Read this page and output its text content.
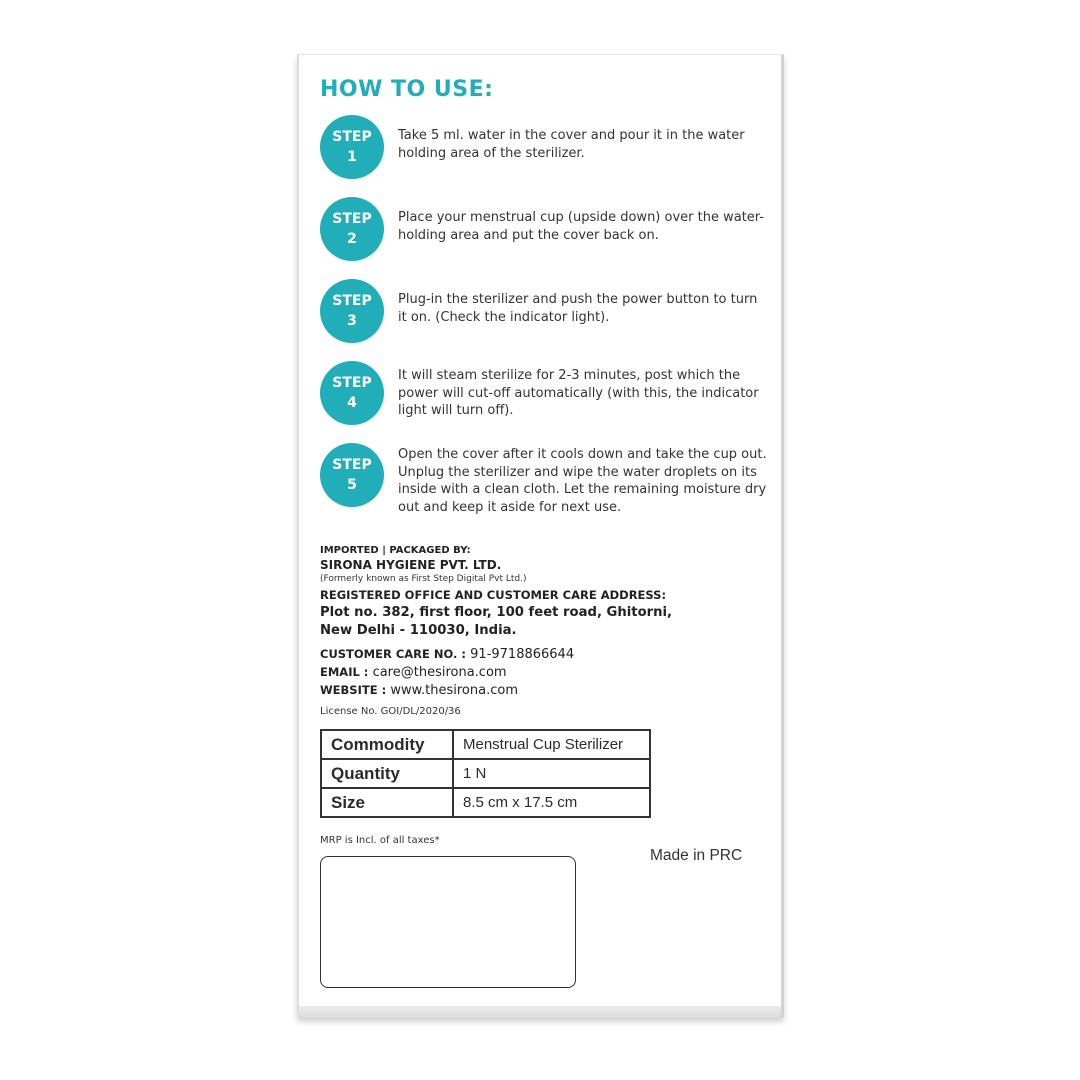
HOW TO USE:
STEP
1
Take 5 ml. water in the cover and pour it in the water holding area of the sterilizer.
STEP
2
Place your menstrual cup (upside down) over the water-holding area and put the cover back on.
STEP
3
Plug-in the sterilizer and push the power button to turn it on. (Check the indicator light).
STEP
4
It will steam sterilize for 2-3 minutes, post which the power will cut-off automatically (with this, the indicator light will turn off).
STEP
5
Open the cover after it cools down and take the cup out. Unplug the sterilizer and wipe the water droplets on its inside with a clean cloth. Let the remaining moisture dry out and keep it aside for next use.
IMPORTED | PACKAGED BY:
SIRONA HYGIENE PVT. LTD.
(Formerly known as First Step Digital Pvt Ltd.)
REGISTERED OFFICE AND CUSTOMER CARE ADDRESS:
Plot no. 382, first floor, 100 feet road, Ghitorni,
New Delhi - 110030, India.
CUSTOMER CARE NO. : 91-9718866644
EMAIL : care@thesirona.com
WEBSITE : www.thesirona.com
License No. GOI/DL/2020/36
Commodity	Menstrual Cup Sterilizer
Quantity	1 N
Size	8.5 cm x 17.5 cm
MRP is Incl. of all taxes*
Made in PRC
